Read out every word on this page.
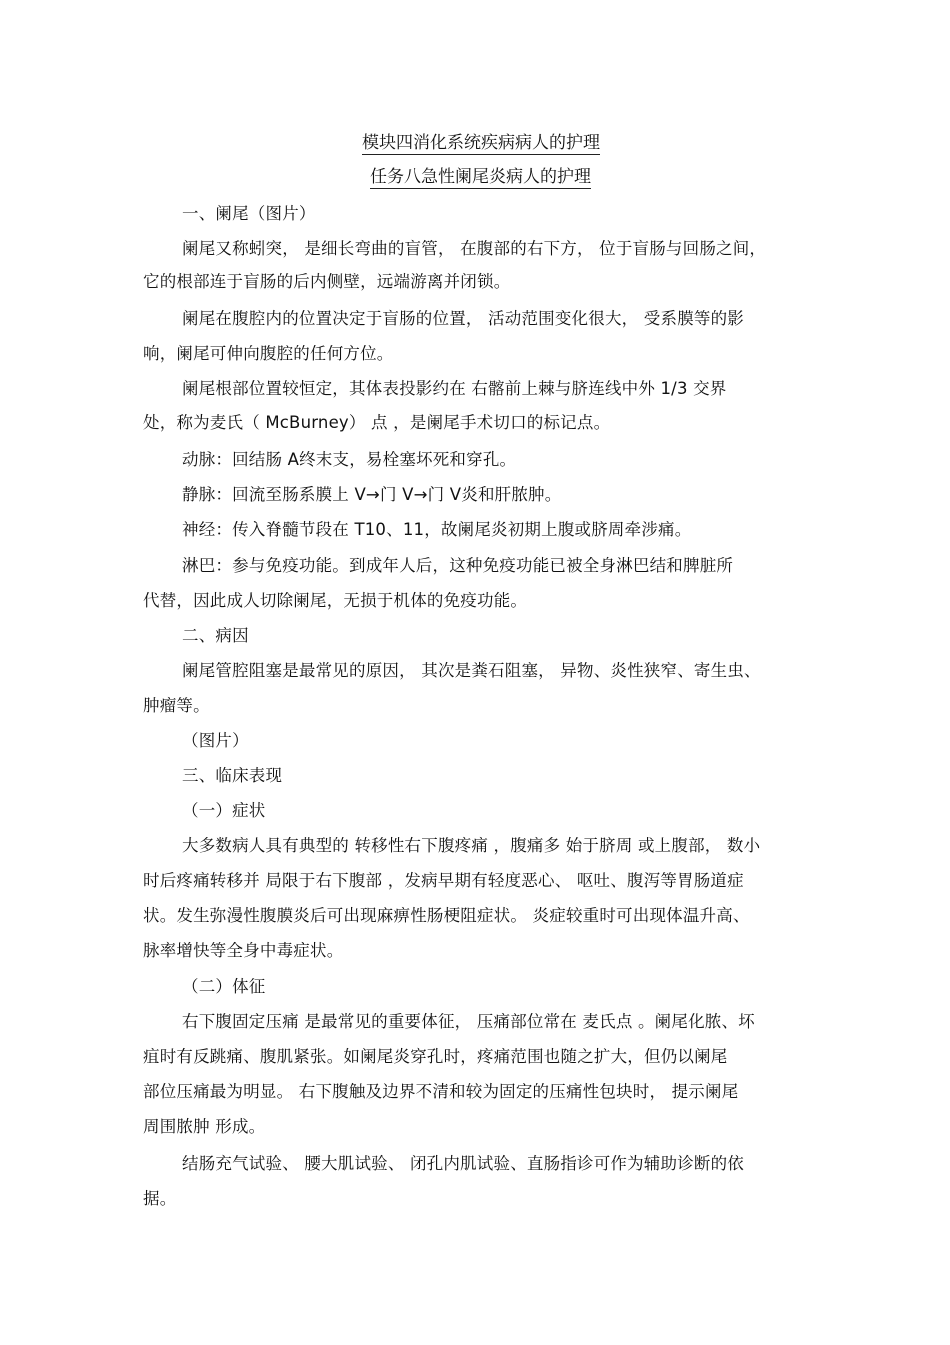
模块四消化系统疾病病人的护理
任务八急性阑尾炎病人的护理
一、阑尾（图片）
阑尾又称蚓突， 是细长弯曲的盲管， 在腹部的右下方， 位于盲肠与回肠之间，
它的根部连于盲肠的后内侧壁，远端游离并闭锁。
阑尾在腹腔内的位置决定于盲肠的位置， 活动范围变化很大， 受系膜等的影
响，阑尾可伸向腹腔的任何方位。
阑尾根部位置较恒定，其体表投影约在 右髂前上棘与脐连线中外 1/3 交界
处，称为麦氏（ McBurney） 点 ，是阑尾手术切口的标记点。
动脉：回结肠 A终末支，易栓塞坏死和穿孔。
静脉：回流至肠系膜上 V→门 V→门 V炎和肝脓肿。
神经：传入脊髓节段在 T10、11，故阑尾炎初期上腹或脐周牵涉痛。
淋巴：参与免疫功能。到成年人后，这种免疫功能已被全身淋巴结和脾脏所
代替，因此成人切除阑尾，无损于机体的免疫功能。
二、病因
阑尾管腔阻塞是最常见的原因， 其次是粪石阻塞， 异物、炎性狭窄、寄生虫、
肿瘤等。
（图片）
三、临床表现
（一）症状
大多数病人具有典型的 转移性右下腹疼痛 ，腹痛多 始于脐周 或上腹部， 数小
时后疼痛转移并 局限于右下腹部 ，发病早期有轻度恶心、 呕吐、腹泻等胃肠道症
状。发生弥漫性腹膜炎后可出现麻痹性肠梗阻症状。 炎症较重时可出现体温升高、
脉率增快等全身中毒症状。
（二）体征
右下腹固定压痛 是最常见的重要体征， 压痛部位常在 麦氏点 。阑尾化脓、坏
疽时有反跳痛、腹肌紧张。如阑尾炎穿孔时，疼痛范围也随之扩大，但仍以阑尾
部位压痛最为明显。 右下腹触及边界不清和较为固定的压痛性包块时， 提示阑尾
周围脓肿 形成。
结肠充气试验、 腰大肌试验、 闭孔内肌试验、直肠指诊可作为辅助诊断的依
据。
